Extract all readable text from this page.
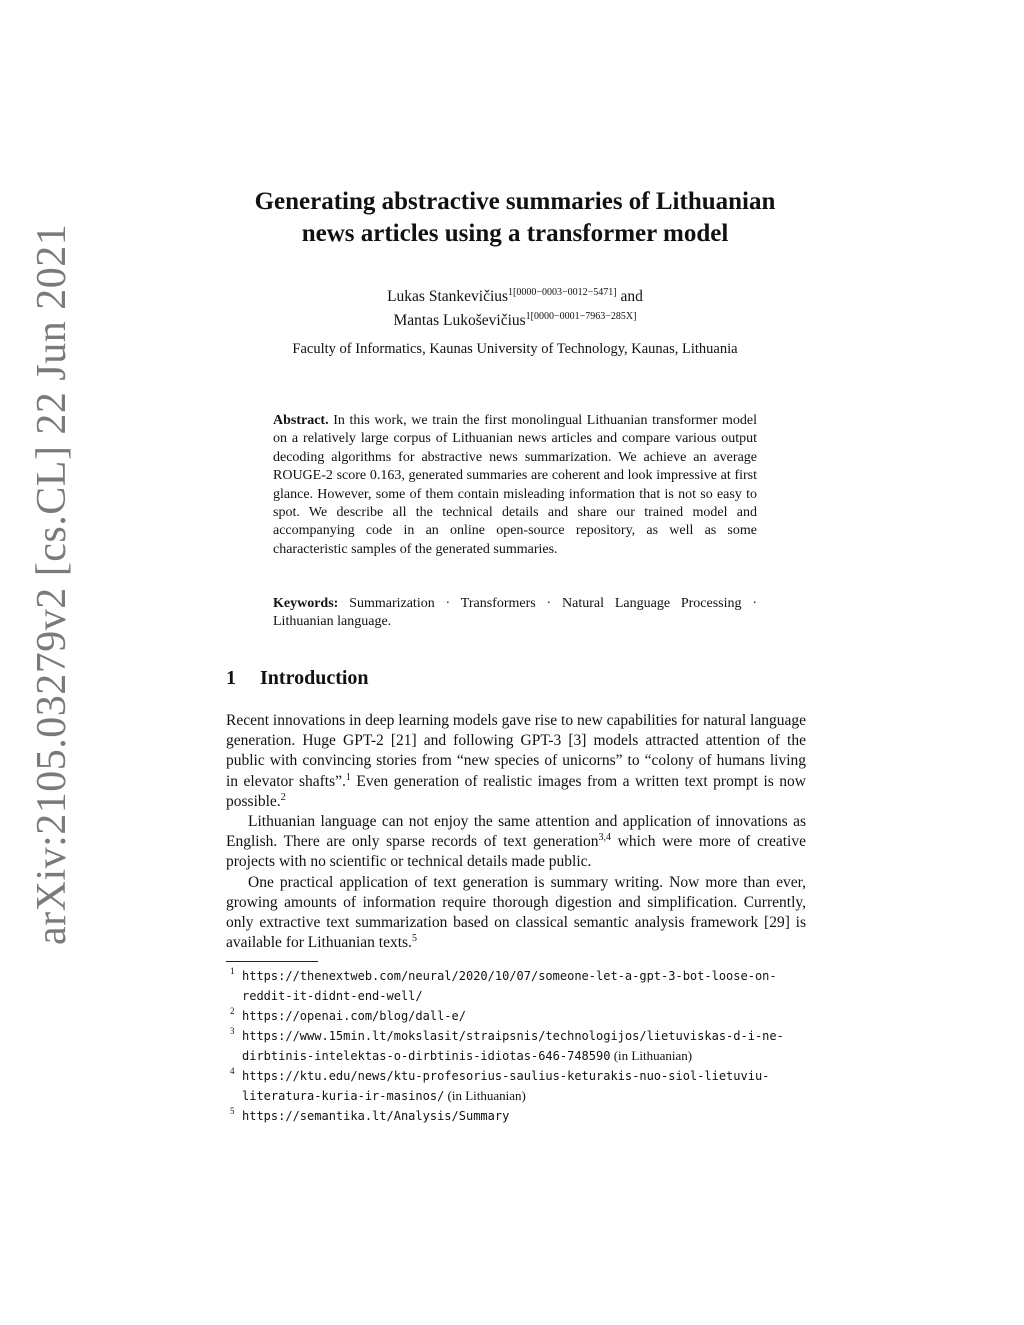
arXiv:2105.03279v2 [cs.CL] 22 Jun 2021
Generating abstractive summaries of Lithuanian
news articles using a transformer model
Lukas Stankevičius$^{1[0000-0003-0012-5471]}$ and
Mantas Lukoševičius$^{1[0000-0001-7963-285X]}$
Faculty of Informatics, Kaunas University of Technology, Kaunas, Lithuania
Abstract. In this work, we train the first monolingual Lithuanian transformer model on a relatively large corpus of Lithuanian news articles and compare various output decoding algorithms for abstractive news summarization. We achieve an average ROUGE-2 score 0.163, generated summaries are coherent and look impressive at first glance. However, some of them contain misleading information that is not so easy to spot. We describe all the technical details and share our trained model and accompanying code in an online open-source repository, as well as some characteristic samples of the generated summaries.
Keywords: Summarization · Transformers · Natural Language Processing · Lithuanian language.
1 Introduction

Recent innovations in deep learning models gave rise to new capabilities for natural language generation. Huge GPT-2 [21] and following GPT-3 [3] models attracted attention of the public with convincing stories from “new species of unicorns” to “colony of humans living in elevator shafts”.$^1$ Even generation of realistic images from a written text prompt is now possible.$^2$

Lithuanian language can not enjoy the same attention and application of innovations as English. There are only sparse records of text generation$^{3,4}$ which were more of creative projects with no scientific or technical details made public.

One practical application of text generation is summary writing. Now more than ever, growing amounts of information require thorough digestion and simplification. Currently, only extractive text summarization based on classical semantic analysis framework [29] is available for Lithuanian texts.$^5$

1 https://thenextweb.com/neural/2020/10/07/someone-let-a-gpt-3-bot-loose-on-reddit-it-didnt-end-well/
2 https://openai.com/blog/dall-e/
3 https://www.15min.lt/mokslasit/straipsnis/technologijos/lietuviskas-d-i-ne-dirbtinis-intelektas-o-dirbtinis-idiotas-646-748590 (in Lithuanian)
4 https://ktu.edu/news/ktu-profesorius-saulius-keturakis-nuo-siol-lietuviu-literatura-kuria-ir-masinos/ (in Lithuanian)
5 https://semantika.lt/Analysis/Summary
